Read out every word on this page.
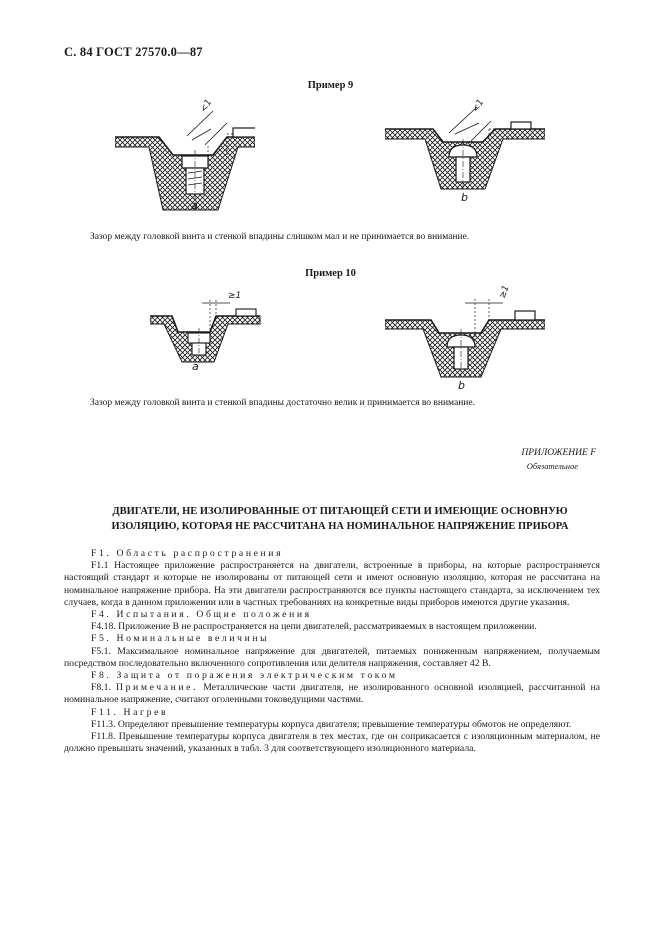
С. 84 ГОСТ 27570.0—87
Пример 9
<1
a
<1
b
Зазор между головкой винта и стенкой впадины слишком мал и не принимается во внимание.
Пример 10
≥1
a
≥1
b
Зазор между головкой винта и стенкой впадины достаточно велик и принимается во внимание.
ПРИЛОЖЕНИЕ F
Обязательное
ДВИГАТЕЛИ, НЕ ИЗОЛИРОВАННЫЕ ОТ ПИТАЮЩЕЙ СЕТИ И ИМЕЮЩИЕ ОСНОВНУЮ ИЗОЛЯЦИЮ, КОТОРАЯ НЕ РАССЧИТАНА НА НОМИНАЛЬНОЕ НАПРЯЖЕНИЕ ПРИБОРА

F1. Область распространения

F1.1 Настоящее приложение распространяется на двигатели, встроенные в приборы, на которые распространяется настоящий стандарт и которые не изолированы от питающей сети и имеют основную изоляцию, которая не рассчитана на номинальное напряжение прибора. На эти двигатели распространяются все пункты настоящего стандарта, за исключением тех случаев, когда в данном приложении или в частных требованиях на конкретные виды приборов имеются другие указания.

F4. Испытания. Общие положения

F4.18. Приложение B не распространяется на цепи двигателей, рассматриваемых в настоящем приложении.

F5. Номинальные величины

F5.1. Максимальное номинальное напряжение для двигателей, питаемых пониженным напряжением, получаемым посредством последовательно включенного сопротивления или делителя напряжения, составляет 42 В.

F8. Защита от поражения электрическим током

F8.1. Примечание. Металлические части двигателя, не изолированного основной изоляцией, рассчитанной на номинальное напряжение, считают оголенными токоведущими частями.

F11. Нагрев

F11.3. Определяют превышение температуры корпуса двигателя; превышение температуры обмоток не определяют.

F11.8. Превышение температуры корпуса двигателя в тех местах, где он соприкасается с изоляционным материалом, не должно превышать значений, указанных в табл. 3 для соответствующего изоляционного материала.
